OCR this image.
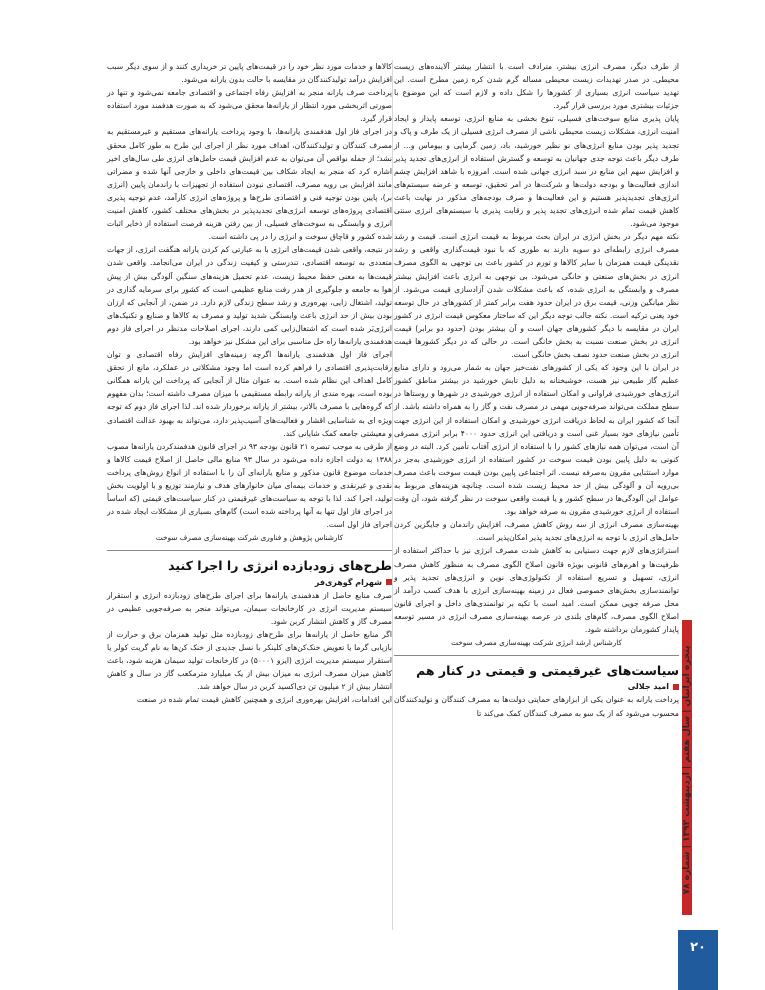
از طرف دیگر، مصرف انرژی بیشتر، مترادف است با انتشار بیشتر آلاینده‌های زیست محیطی. در صدر تهدیدات زیست محیطی مساله گرم شدن کره زمین مطرح است. این تهدید سیاست انرژی بسیاری از کشورها را شکل داده و لازم است که این موضوع با جزئیات بیشتری مورد بررسی قرار گیرد.

پایان پذیری منابع سوخت‌های فسیلی، تنوع بخشی به منابع انرژی، توسعه پایدار و ایجاد امنیت انرژی، مشکلات زیست محیطی ناشی از مصرف انرژی فسیلی از یک طرف و پاک و تجدید پذیر بودن منابع انرژی‌های نو نظیر خورشید، باد، زمین گرمایی و بیوماس و... از طرف دیگر باعث توجه جدی جهانیان به توسعه و گسترش استفاده از انرژی‌های تجدید پذیر و افزایش سهم این منابع در سبد انرژی جهانی شده است. امروزه با شاهد افزایش چشم اندازی فعالیت‌ها و بودجه دولت‌ها و شرکت‌ها در امر تحقیق، توسعه و عرضه سیستم‌های انرژی‌های تجدیدپذیر هستیم و این فعالیت‌ها و صرف بودجه‌های مذکور در نهایت باعث کاهش قیمت تمام شده انرژی‌های تجدید پذیر و رقابت پذیری با سیستم‌های انرژی سنتی موجود می‌شود.

نکته مهم دیگر در بخش انرژی در ایران بحث مربوط به قیمت انرژی است. قیمت و رشد مصرف انرژی رابطه‌ای دو سویه دارند به طوری که با نبود قیمت‌گذاری واقعی و رشد نقدینگی قیمت همزمان با سایر کالاها و تورم در کشور باعث بی توجهی به الگوی مصرف انرژی در بخش‌های صنعتی و خانگی می‌شود. بی توجهی به انرژی باعث افزایش بیشتر مصرف و وابستگی به انرژی شده، که باعث مشکلات شدن آزادسازی قیمت می‌شود. از نظر میانگین وزنی، قیمت برق در ایران حدود هفت برابر کمتر از کشورهای در حال توسعه خود یعنی ترکیه است. نکته جالب توجه دیگر این که ساختار معکوس قیمت انرژی در کشور ایران در مقایسه با دیگر کشورهای جهان است و آن بیشتر بودن (حدود دو برابر) قیمت انرژی در بخش صنعت نسبت به بخش خانگی است. در حالی که در دیگر کشورها قیمت انرژی در بخش صنعت حدود نصف بخش خانگی است.

در ایران با این وجود که یکی از کشورهای نفت‌خیز جهان به شمار می‌رود و دارای منابع عظیم گاز طبیعی نیز هست، خوشبختانه به دلیل تابش خورشید در بیشتر مناطق کشور انرژی‌های خورشیدی فراوانی و امکان استفاده از انرژی خورشیدی در شهرها و روستاها در سطح مملکت می‌تواند صرفه‌جویی مهمی در مصرف نفت و گاز را به همراه داشته باشد. از آنجا که کشور ایران به لحاظ دریافت انرژی خورشیدی و امکان استفاده از این انرژی جهت تأمین نیازهای خود بسیار غنی است و دریافتی این انرژی حدود ۴۰۰۰ برابر انرژی مصرفی آن است، می‌توان همه نیازهای کشور را با استفاده از انرژی آفتاب تأمین کرد. البته در وضع کنونی به دلیل پایین بودن قیمت سوخت در کشور استفاده از انرژی خورشیدی به‌جز در موارد استثنایی مقرون به‌صرفه نیست. اثر اجتماعی پایین بودن قیمت سوخت باعث مصرف بی‌رویه آن و آلودگی بیش از حد محیط زیست شده است. چنانچه هزینه‌های مربوط به عوامل این آلودگی‌ها در سطح کشور و یا قیمت واقعی سوخت در نظر گرفته شود، آن وقت استفاده از انرژی خورشیدی مقرون به صرفه خواهد بود.

بهینه‌سازی مصرف انرژی از سه روش کاهش مصرف، افزایش راندمان و جایگزین کردن حامل‌های انرژی با توجه به انرژی‌های تجدید پذیر امکان‌پذیر است.

استراتژی‌های لازم جهت دستیابی به کاهش شدت مصرف انرژی نیز با حداکثر استفاده از ظرفیت‌ها و اهرم‌های قانونی بویژه قانون اصلاح الگوی مصرف به منظور کاهش مصرف انرژی، تسهیل و تسریع استفاده از تکنولوژی‌های نوین و انرژی‌های تجدید پذیر و توانمندسازی بخش‌های خصوصی فعال در زمینه بهینه‌سازی انرژی با هدف کسب درآمد از محل صرفه جویی ممکن است. امید است با تکیه بر توانمندی‌های داخل و اجرای قانون اصلاح الگوی مصرف، گام‌های بلندی در عرصه بهینه‌سازی مصرف انرژی در مسیر توسعه پایدار کشورمان برداشته شود.

کارشناس ارشد انرژی شرکت بهینه‌سازی مصرف سوخت

سیاست‌های غیرقیمتی و قیمتی در کنار هم
امید جلالی

پرداخت یارانه به عنوان یکی از ابزارهای حمایتی دولت‌ها به مصرف کنندگان و تولیدکنندگان محسوب می‌شود که از یک سو به مصرف کنندگان کمک می‌کند تا

کالاها و خدمات مورد نظر خود را در قیمت‌های پایین تر خریداری کنند و از سوی دیگر سبب افزایش درآمد تولیدکنندگان در مقایسه با حالت بدون یارانه می‌شود.

پرداخت صرف یارانه منجر به افزایش رفاه اجتماعی و اقتصادی جامعه نمی‌شود و تنها در صورتی اثربخشی مورد انتظار از یارانه‌ها محقق می‌شود که به صورت هدفمند مورد استفاده قرار گیرد.

در اجرای فاز اول هدفمندی یارانه‌ها، با وجود پرداخت یارانه‌های مستقیم و غیرمستقیم به مصرف کنندگان و تولیدکنندگان، اهداف مورد نظر از اجرای این طرح به طور کامل محقق نشد؛ از جمله نواقص آن می‌توان به عدم افزایش قیمت حامل‌های انرژی طی سال‌های اخیر اشاره کرد که منجر به ایجاد شکاف بین قیمت‌های داخلی و خارجی آنها شده و مضراتی مانند افزایش بی رویه مصرف، اقتصادی نبودن استفاده از تجهیزات با راندمان پایین (انرژی بر)، پایین بودن توجیه فنی و اقتصادی طرح‌ها و پروژه‌های انرژی کارآمد، عدم توجیه پذیری اقتصادی پروژه‌های توسعه انرژی‌های تجدیدپذیر در بخش‌های مختلف کشور، کاهش امنیت انرژی و وابستگی به سوخت‌های فسیلی، از بین رفتن هزینه فرصت استفاده از ذخایر اثبات شده کشور و قاچاق سوخت و انرژی را در پی داشته است.

در نتیجه، واقعی شدن قیمت‌های انرژی با به عبارتی کم کردن یارانه هنگفت انرژی، از جهات متعددی به توسعه اقتصادی، تندرستی و کیفیت زندگی در ایران می‌انجامد. واقعی شدن قیمت‌ها به معنی حفظ محیط زیست، عدم تحمیل هزینه‌های سنگین آلودگی بیش از پیش هوا به جامعه و جلوگیری از هدر رفت منابع عظیمی است که کشور برای سرمایه گذاری در تولید، اشتغال زایی، بهره‌وری و رشد سطح زندگی لازم دارد. در ضمن، از آنجایی که ارزان بودن بیش از حد انرژی باعث وابستگی شدید تولید و مصرف به کالاها و صنایع و تکنیک‌های انرژی‌بَر شده است که اشتغال‌زایی کمی دارند، اجرای اصلاحات مدنظر در اجرای فاز دوم هدفمندی یارانه‌ها راه حل مناسبی برای این مشکل نیز خواهد بود.

اجرای فاز اول هدفمندی یارانه‌ها اگرچه زمینه‌های افزایش رفاه اقتصادی و توان رقابت‌پذیری اقتصادی را فراهم کرده است اما وجود مشکلاتی در عملکرد، مانع از تحقق کامل اهداف این نظام شده است. به عنوان مثال از آنجایی که پرداخت این یارانه همگانی بوده است، بهره مندی از یارانه رابطه مستقیمی با میزان مصرف داشته است؛ بدان مفهوم که گروه‌هایی با مصرف بالاتر، بیشتر از یارانه برخوردار شده اند. لذا اجرای فاز دوم که توجه ویژه ای به شناسایی اقشار و فعالیت‌های آسیب‌پذیر دارد، می‌تواند به بهبود عدالت اقتصادی و معیشتی جامعه کمک شایانی کند.

از طرفی به موجب تبصره ۲۱ قانون بودجه ۹۳ در اجرای قانون هدفمندکردن یارانه‌ها مصوب ۱۳۸۸ به دولت اجازه داده می‌شود در سال ۹۳ منابع مالی حاصل از اصلاح قیمت کالاها و خدمات موضوع قانون مذکور و منابع یارانه‌ای آن را با استفاده از انواع روش‌های پرداخت نقدی و غیرنقدی و خدمات بیمه‌ای میان خانوارهای هدف و نیازمند توزیع و با اولویت بخش تولید، اجرا کند. لذا با توجه به سیاست‌های غیرقیمتی در کنار سیاست‌های قیمتی (که اساساً در اجرای فاز اول تنها به آنها پرداخته شده است) گام‌های بسیاری از مشکلات ایجاد شده در اجرای فاز اول است.

کارشناس پژوهش و فناوری شرکت بهینه‌سازی مصرف سوخت

طرح‌های زودبازده انرژی را اجرا کنید
شهرام گوهری‌فر

صرف منابع حاصل از هدفمندی یارانه‌ها برای اجرای طرح‌های زودبازده انرژی و استقرار سیستم مدیریت انرژی در کارخانجات سیمان، می‌تواند منجر به صرفه‌جویی عظیمی در مصرف گاز و کاهش انتشار کربن شود.

اگر منابع حاصل از یارانه‌ها برای طرح‌های زودبازده مثل تولید همزمان برق و حرارت از بازیابی گرما یا تعویض خنک‌کن‌های کلینکر با نسل جدیدی از خنک کن‌ها به نام گریت کولر یا استقرار سیستم مدیریت انرژی (ایزو ۵۰۰۰۱) در کارخانجات تولید سیمان هزینه شود، باعث کاهش میزان مصرف انرژی به میزان بیش از یک میلیارد مترمکعب گاز در سال و کاهش انتشار بیش از ۲ میلیون تن دی‌اکسید کربن در سال خواهد شد.

این اقدامات، افزایش بهره‌وری انرژی و همچنین کاهش قیمت تمام شده در صنعت

پنجره ایرانیان | سال هفتم | اردیبهشت ۱۳۹۲ | شماره ۷۸
۲۰
